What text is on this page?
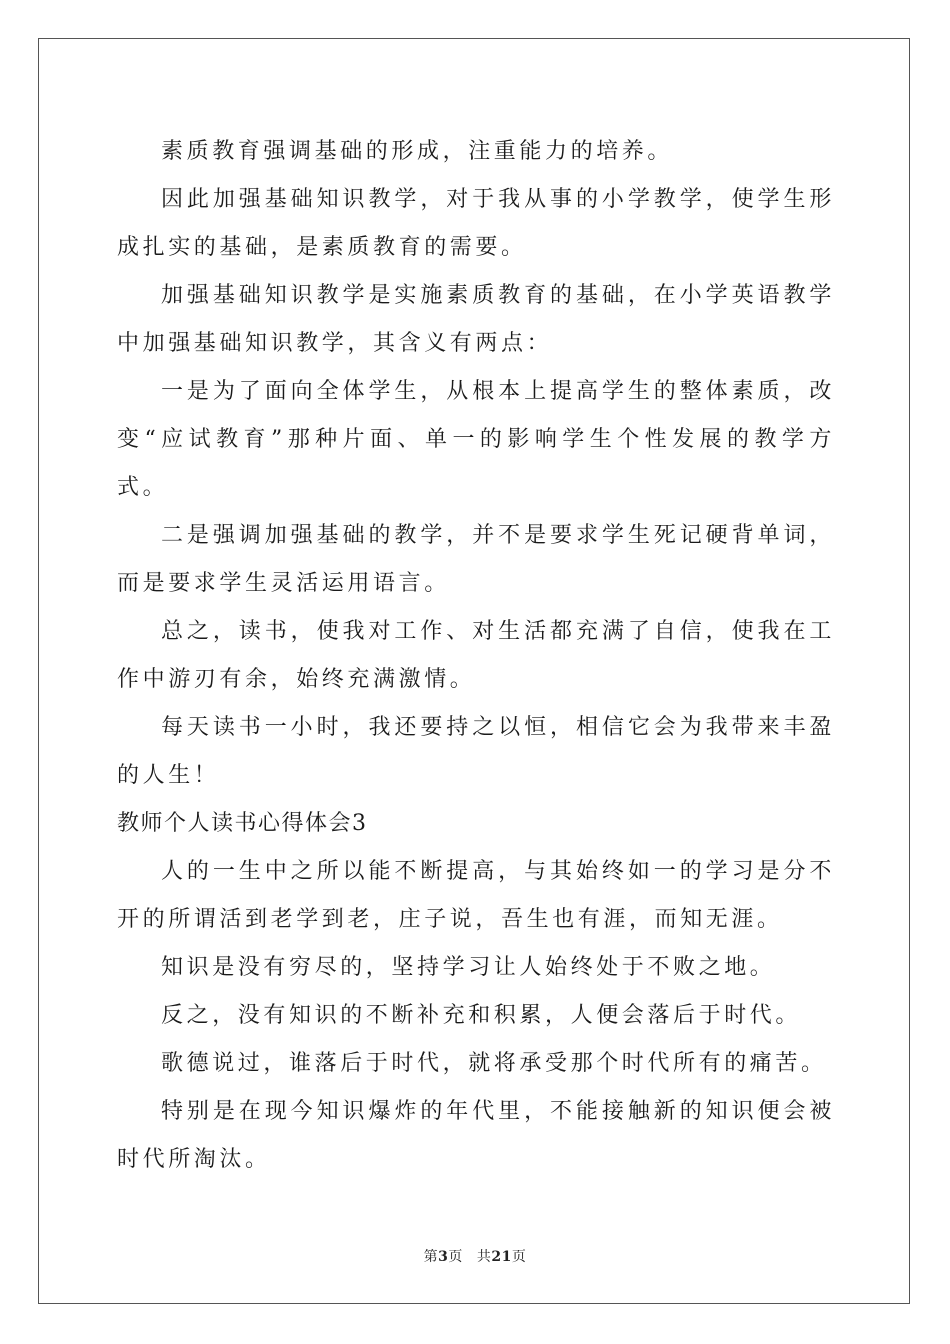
素质教育强调基础的形成，注重能力的培养。

因此加强基础知识教学，对于我从事的小学教学，使学生形成扎实的基础，是素质教育的需要。

加强基础知识教学是实施素质教育的基础，在小学英语教学中加强基础知识教学，其含义有两点：

一是为了面向全体学生，从根本上提高学生的整体素质，改变“应试教育”那种片面、单一的影响学生个性发展的教学方式。

二是强调加强基础的教学，并不是要求学生死记硬背单词，而是要求学生灵活运用语言。

总之，读书，使我对工作、对生活都充满了自信，使我在工作中游刃有余，始终充满激情。

每天读书一小时，我还要持之以恒，相信它会为我带来丰盈的人生！

教师个人读书心得体会3

人的一生中之所以能不断提高，与其始终如一的学习是分不开的所谓活到老学到老，庄子说，吾生也有涯，而知无涯。

知识是没有穷尽的，坚持学习让人始终处于不败之地。

反之，没有知识的不断补充和积累，人便会落后于时代。

歌德说过，谁落后于时代，就将承受那个时代所有的痛苦。

特别是在现今知识爆炸的年代里，不能接触新的知识便会被时代所淘汰。

第3页 共21页
